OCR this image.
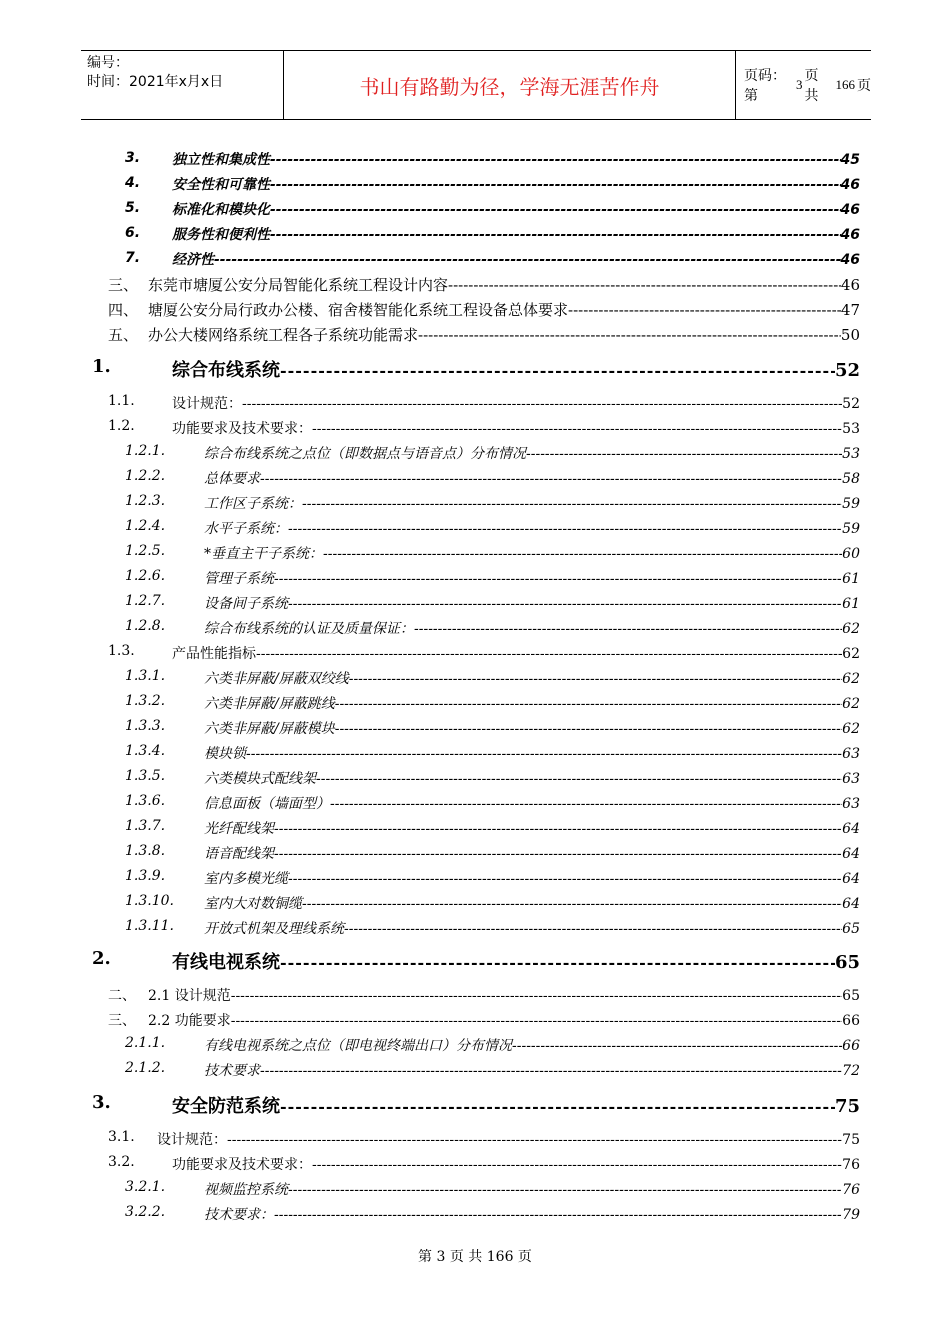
编号：
时间：2021年x月x日	书山有路勤为径，学海无涯苦作舟	页码：第
3
页 共
166 页
3. 独立性和集成性 -----	45
4. 安全性和可靠性 -----	46
5. 标准化和模块化 -----	46
6. 服务性和便利性 -----	46
7. 经济性 -----	46
三、 东莞市塘厦公安分局智能化系统工程设计内容 -----	46
四、 塘厦公安分局行政办公楼、宿舍楼智能化系统工程设备总体要求 -----	47
五、 办公大楼网络系统工程各子系统功能需求 -----	50
1.	综合布线系统 -----	52
1.1.	设计规范： -----	52
1.2.	功能要求及技术要求： -----	53
1.2.1.	综合布线系统之点位（即数据点与语音点）分布情况 -----	53
1.2.2.	总体要求 -----	58
1.2.3.	工作区子系统： -----	59
1.2.4.	水平子系统： -----	59
1.2.5.	*垂直主干子系统： -----	60
1.2.6.	管理子系统 -----	61
1.2.7.	设备间子系统 -----	61
1.2.8.	综合布线系统的认证及质量保证： -----	62
1.3.	产品性能指标 -----	62
1.3.1.	六类非屏蔽/屏蔽双绞线 -----	62
1.3.2.	六类非屏蔽/屏蔽跳线 -----	62
1.3.3.	六类非屏蔽/屏蔽模块 -----	62
1.3.4.	模块锁 -----	63
1.3.5.	六类模块式配线架 -----	63
1.3.6.	信息面板（墙面型） -----	63
1.3.7.	光纤配线架 -----	64
1.3.8.	语音配线架 -----	64
1.3.9.	室内多模光缆 -----	64
1.3.10. 室内大对数铜缆 -----	64
1.3.11. 开放式机架及理线系统 -----	65
2.	有线电视系统 -----	65
二、 2.1 设计规范 -----	65
三、 2.2 功能要求 -----	66
2.1.1.	有线电视系统之点位（即电视终端出口）分布情况 -----	66
2.1.2.	技术要求 -----	72
3.	安全防范系统 -----	75
3.1. 设计规范： -----	75
3.2.	功能要求及技术要求： -----	76
3.2.1.	视频监控系统 -----	76
3.2.2.	技术要求： -----	79
第 3 页 共 166 页
